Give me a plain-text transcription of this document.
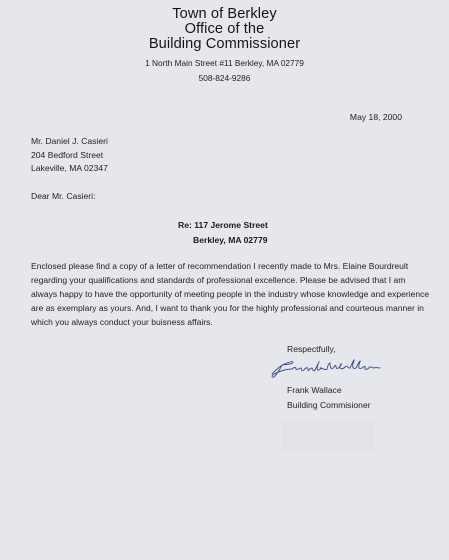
Town of Berkley
Office of the
Building Commissioner
1 North Main Street #11 Berkley, MA 02779
508-824-9286
May 18, 2000
Mr. Daniel J. Casieri
204 Bedford Street
Lakeville, MA 02347
Dear Mr. Casieri:
Re: 117 Jerome Street
Berkley, MA 02779
Enclosed please find a copy of a letter of recommendation I recently made to Mrs. Elaine Bourdreult
regarding your qualifications and standards of professional excellence. Please be advised that I am
always happy to have the opportunity of meeting people in the industry whose knowledge and experience
are as exemplary as yours. And, I want to thank you for the highly professional and courteous manner in
which you always conduct your buisness affairs.
Respectfully,
Frank Wallace
Frank Wallace
Building Commisioner
